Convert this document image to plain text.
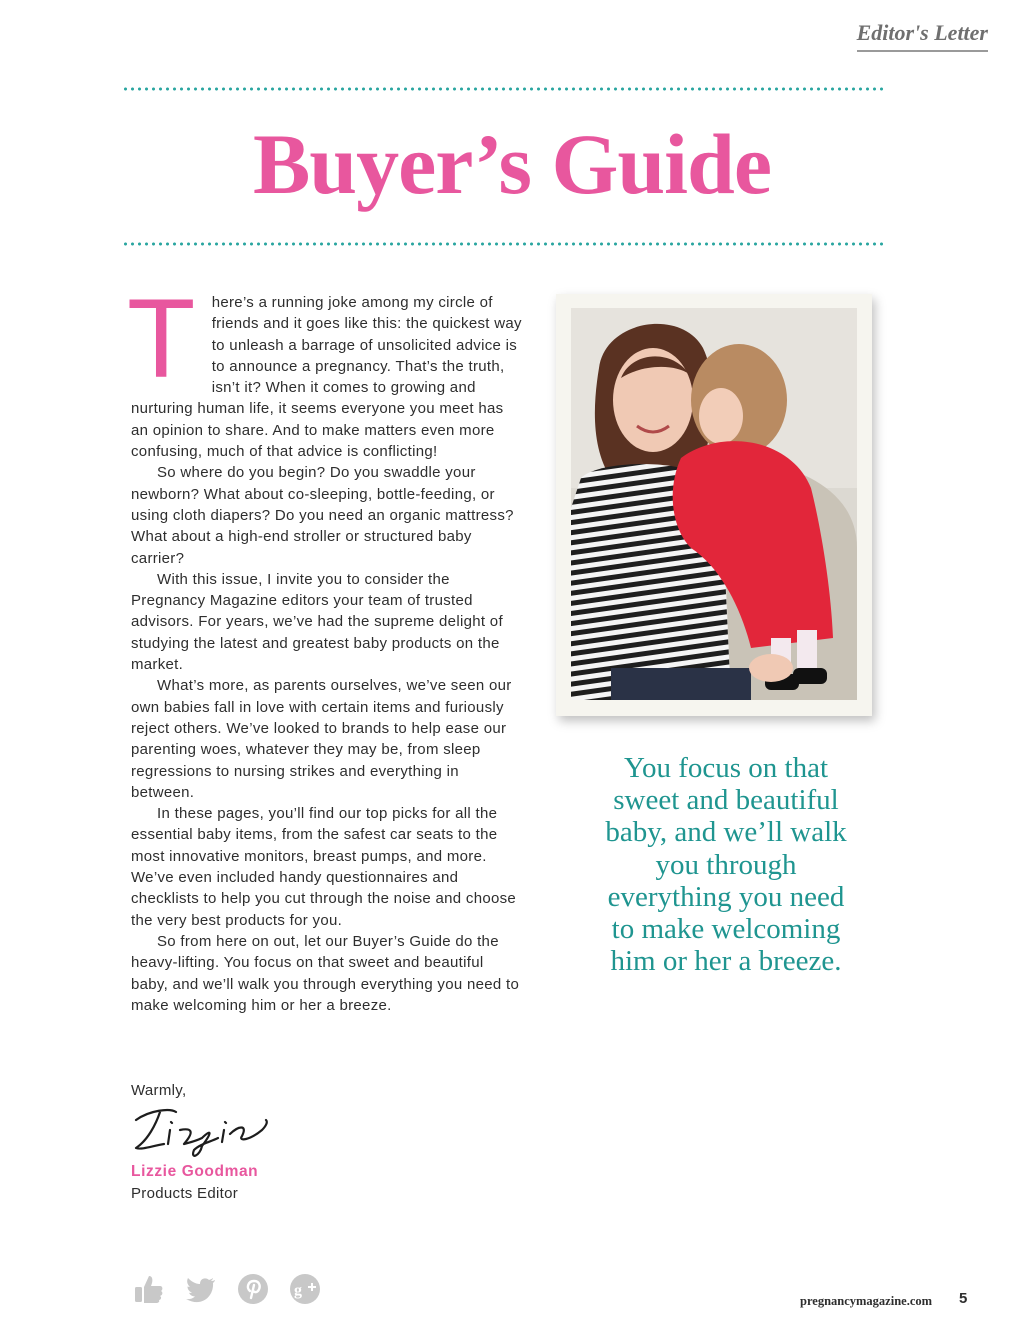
Editor's Letter
Buyer’s Guide

T here’s a running joke among my circle of friends and it goes like this: the quickest way to unleash a barrage of unsolicited advice is to announce a pregnancy. That’s the truth, isn’t it? When it comes to growing and nurturing human life, it seems everyone you meet has an opinion to share. And to make matters even more confusing, much of that advice is conflicting!

So where do you begin? Do you swaddle your newborn? What about co-sleeping, bottle-feeding, or using cloth diapers? Do you need an organic mattress? What about a high-end stroller or structured baby carrier?

With this issue, I invite you to consider the Pregnancy Magazine editors your team of trusted advisors. For years, we’ve had the supreme delight of studying the latest and greatest baby products on the market.

What’s more, as parents ourselves, we’ve seen our own babies fall in love with certain items and furiously reject others. We’ve looked to brands to help ease our parenting woes, whatever they may be, from sleep regressions to nursing strikes and everything in between.

In these pages, you’ll find our top picks for all the essential baby items, from the safest car seats to the most innovative monitors, breast pumps, and more. We’ve even included handy questionnaires and checklists to help you cut through the noise and choose the very best products for you.

So from here on out, let our Buyer’s Guide do the heavy-lifting. You focus on that sweet and beautiful baby, and we’ll walk you through everything you need to make welcoming him or her a breeze.

Warmly,
Lizzie Goodman
Products Editor
You focus on that sweet and beautiful baby, and we’ll walk you through everything you need to make welcoming him or her a breeze.
g
pregnancymagazine.com 5
